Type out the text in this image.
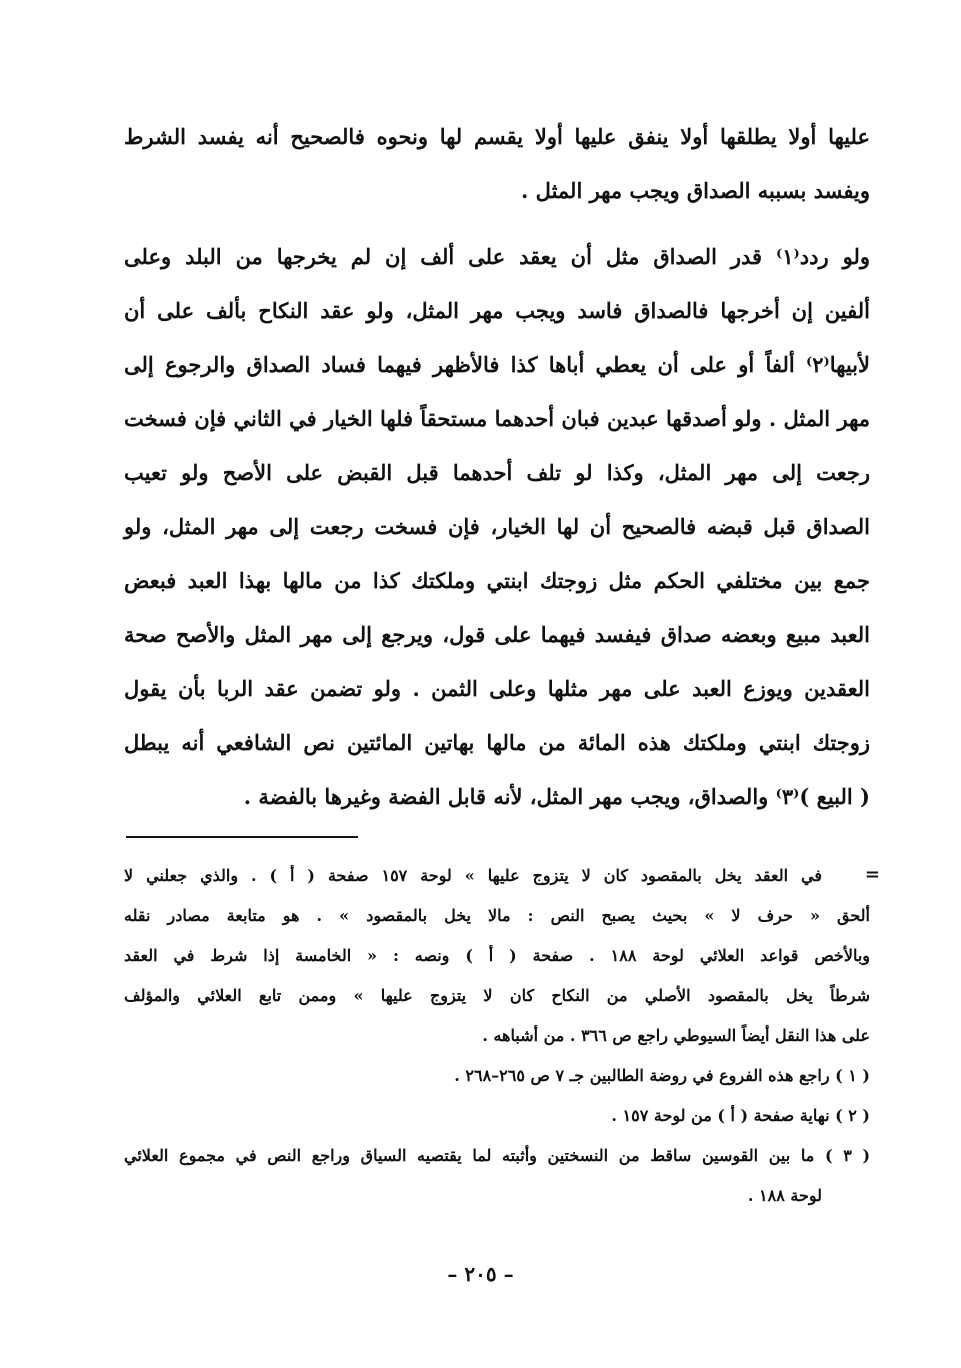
عليها أولا يطلقها أولا ينفق عليها أولا يقسم لها ونحوه فالصحيح أنه يفسد الشرط
ويفسد بسببه الصداق ويجب مهر المثل .
ولو ردد⁽١⁾ قدر الصداق مثل أن يعقد على ألف إن لم يخرجها من البلد وعلى
ألفين إن أخرجها فالصداق فاسد ويجب مهر المثل، ولو عقد النكاح بألف على أن
لأبيها⁽٢⁾ ألفاً أو على أن يعطي أباها كذا فالأظهر فيهما فساد الصداق والرجوع إلى
مهر المثل . ولو أصدقها عبدين فبان أحدهما مستحقاً فلها الخيار في الثاني فإن فسخت
رجعت إلى مهر المثل، وكذا لو تلف أحدهما قبل القبض على الأصح ولو تعيب
الصداق قبل قبضه فالصحيح أن لها الخيار، فإن فسخت رجعت إلى مهر المثل، ولو
جمع بين مختلفي الحكم مثل زوجتك ابنتي وملكتك كذا من مالها بهذا العبد فبعض
العبد مبيع وبعضه صداق فيفسد فيهما على قول، ويرجع إلى مهر المثل والأصح صحة
العقدين ويوزع العبد على مهر مثلها وعلى الثمن . ولو تضمن عقد الربا بأن يقول
زوجتك ابنتي وملكتك هذه المائة من مالها بهاتين المائتين نص الشافعي أنه يبطل
( البيع )⁽٣⁾ والصداق، ويجب مهر المثل، لأنه قابل الفضة وغيرها بالفضة .
=
في العقد يخل بالمقصود كان لا يتزوج عليها » لوحة ١٥٧ صفحة ( أ ) . والذي جعلني لا
ألحق « حرف لا » بحيث يصبح النص : مالا يخل بالمقصود » . هو متابعة مصادر نقله
وبالأخص قواعد العلائي لوحة ١٨٨ . صفحة ( أ ) ونصه : « الخامسة إذا شرط في العقد
شرطاً يخل بالمقصود الأصلي من النكاح كان لا يتزوج عليها » وممن تابع العلائي والمؤلف
على هذا النقل أيضاً السيوطي راجع ص ٣٦٦ . من أشباهه .
( ١ ) راجع هذه الفروع في روضة الطالبين جـ ٧ ص ٢٦٥–٢٦٨ .
( ٢ ) نهاية صفحة ( أ ) من لوحة ١٥٧ .
( ٣ ) ما بين القوسين ساقط من النسختين وأثبته لما يقتصيه السياق وراجع النص في مجموع العلائي
لوحة ١٨٨ .
– ٢٠٥ –
